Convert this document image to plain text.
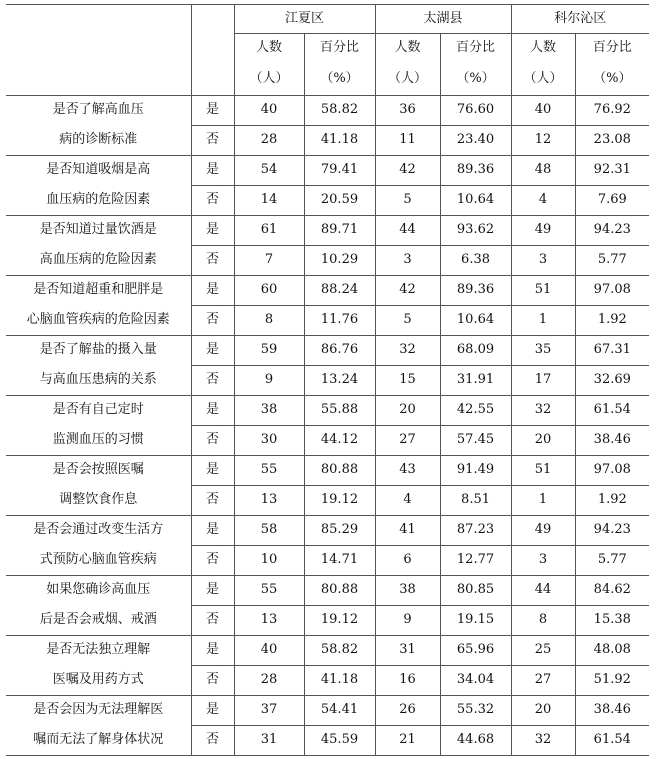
		江夏区		太湖县		科尔沁区	
		人数	百分比	人数	百分比	人数	百分比
		（人）	（%）	（人）	（%）	（人）	（%）
是否了解高血压	是	40	58.82	36	76.60	40	76.92
病的诊断标准	否	28	41.18	11	23.40	12	23.08
是否知道吸烟是高	是	54	79.41	42	89.36	48	92.31
血压病的危险因素	否	14	20.59	5	10.64	4	7.69
是否知道过量饮酒是	是	61	89.71	44	93.62	49	94.23
高血压病的危险因素	否	7	10.29	3	6.38	3	5.77
是否知道超重和肥胖是	是	60	88.24	42	89.36	51	97.08
心脑血管疾病的危险因素	否	8	11.76	5	10.64	1	1.92
是否了解盐的摄入量	是	59	86.76	32	68.09	35	67.31
与高血压患病的关系	否	9	13.24	15	31.91	17	32.69
是否有自己定时	是	38	55.88	20	42.55	32	61.54
监测血压的习惯	否	30	44.12	27	57.45	20	38.46
是否会按照医嘱	是	55	80.88	43	91.49	51	97.08
调整饮食作息	否	13	19.12	4	8.51	1	1.92
是否会通过改变生活方	是	58	85.29	41	87.23	49	94.23
式预防心脑血管疾病	否	10	14.71	6	12.77	3	5.77
如果您确诊高血压	是	55	80.88	38	80.85	44	84.62
后是否会戒烟、戒酒	否	13	19.12	9	19.15	8	15.38
是否无法独立理解	是	40	58.82	31	65.96	25	48.08
医嘱及用药方式	否	28	41.18	16	34.04	27	51.92
是否会因为无法理解医	是	37	54.41	26	55.32	20	38.46
嘱而无法了解身体状况	否	31	45.59	21	44.68	32	61.54
